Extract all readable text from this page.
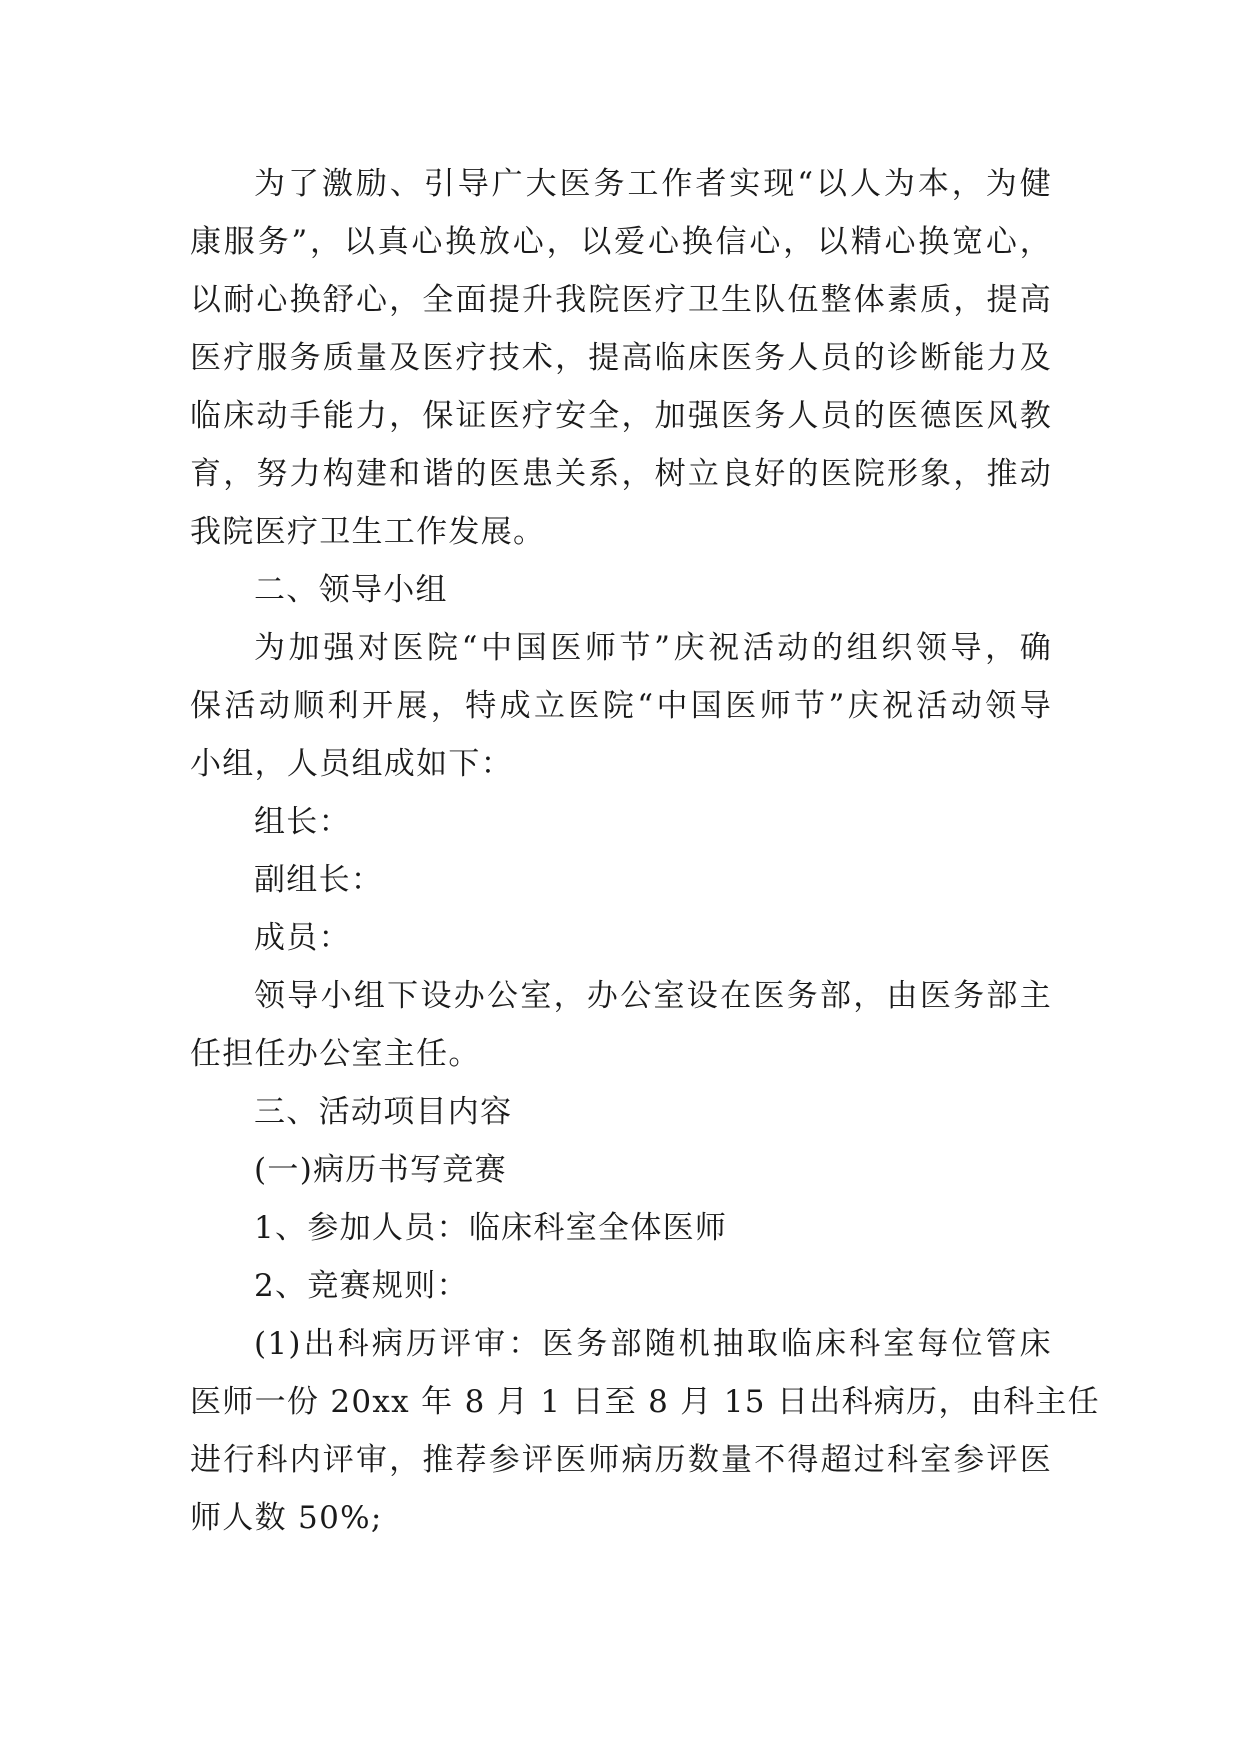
为了激励、引导广大医务工作者实现“以人为本，为健
康服务”，以真心换放心，以爱心换信心，以精心换宽心，
以耐心换舒心，全面提升我院医疗卫生队伍整体素质，提高
医疗服务质量及医疗技术，提高临床医务人员的诊断能力及
临床动手能力，保证医疗安全，加强医务人员的医德医风教
育，努力构建和谐的医患关系，树立良好的医院形象，推动
我院医疗卫生工作发展。
二、领导小组
为加强对医院“中国医师节”庆祝活动的组织领导，确
保活动顺利开展，特成立医院“中国医师节”庆祝活动领导
小组，人员组成如下：
组长：
副组长：
成员：
领导小组下设办公室，办公室设在医务部，由医务部主
任担任办公室主任。
三、活动项目内容
(一)病历书写竞赛
1、参加人员：临床科室全体医师
2、竞赛规则：
(1)出科病历评审：医务部随机抽取临床科室每位管床
医师一份 20xx 年 8 月 1 日至 8 月 15 日出科病历，由科主任
进行科内评审，推荐参评医师病历数量不得超过科室参评医
师人数 50%;
